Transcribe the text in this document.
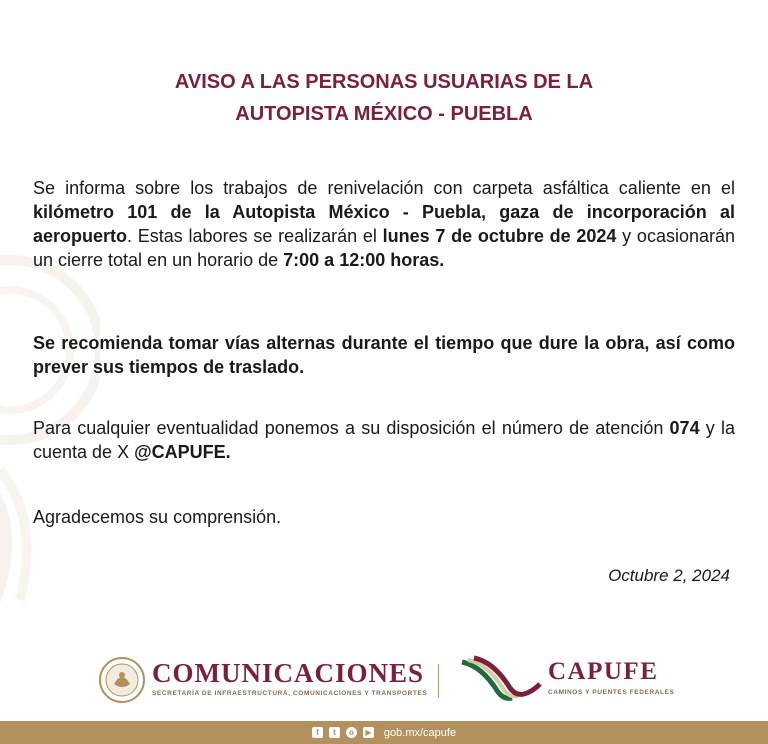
AVISO A LAS PERSONAS USUARIAS DE LA
AUTOPISTA MÉXICO - PUEBLA
Se informa sobre los trabajos de renivelación con carpeta asfáltica caliente en el kilómetro 101 de la Autopista México - Puebla, gaza de incorporación al aeropuerto. Estas labores se realizarán el lunes 7 de octubre de 2024 y ocasionarán un cierre total en un horario de 7:00 a 12:00 horas.
Se recomienda tomar vías alternas durante el tiempo que dure la obra, así como prever sus tiempos de traslado.
Para cualquier eventualidad ponemos a su disposición el número de atención 074 y la cuenta de X @CAPUFE.
Agradecemos su comprensión.
Octubre 2, 2024
COMUNICACIONES
SECRETARÍA DE INFRAESTRUCTURA, COMUNICACIONES Y TRANSPORTES
CAPUFE
CAMINOS Y PUENTES FEDERALES
f	t	o	▶ gob.mx/capufe
